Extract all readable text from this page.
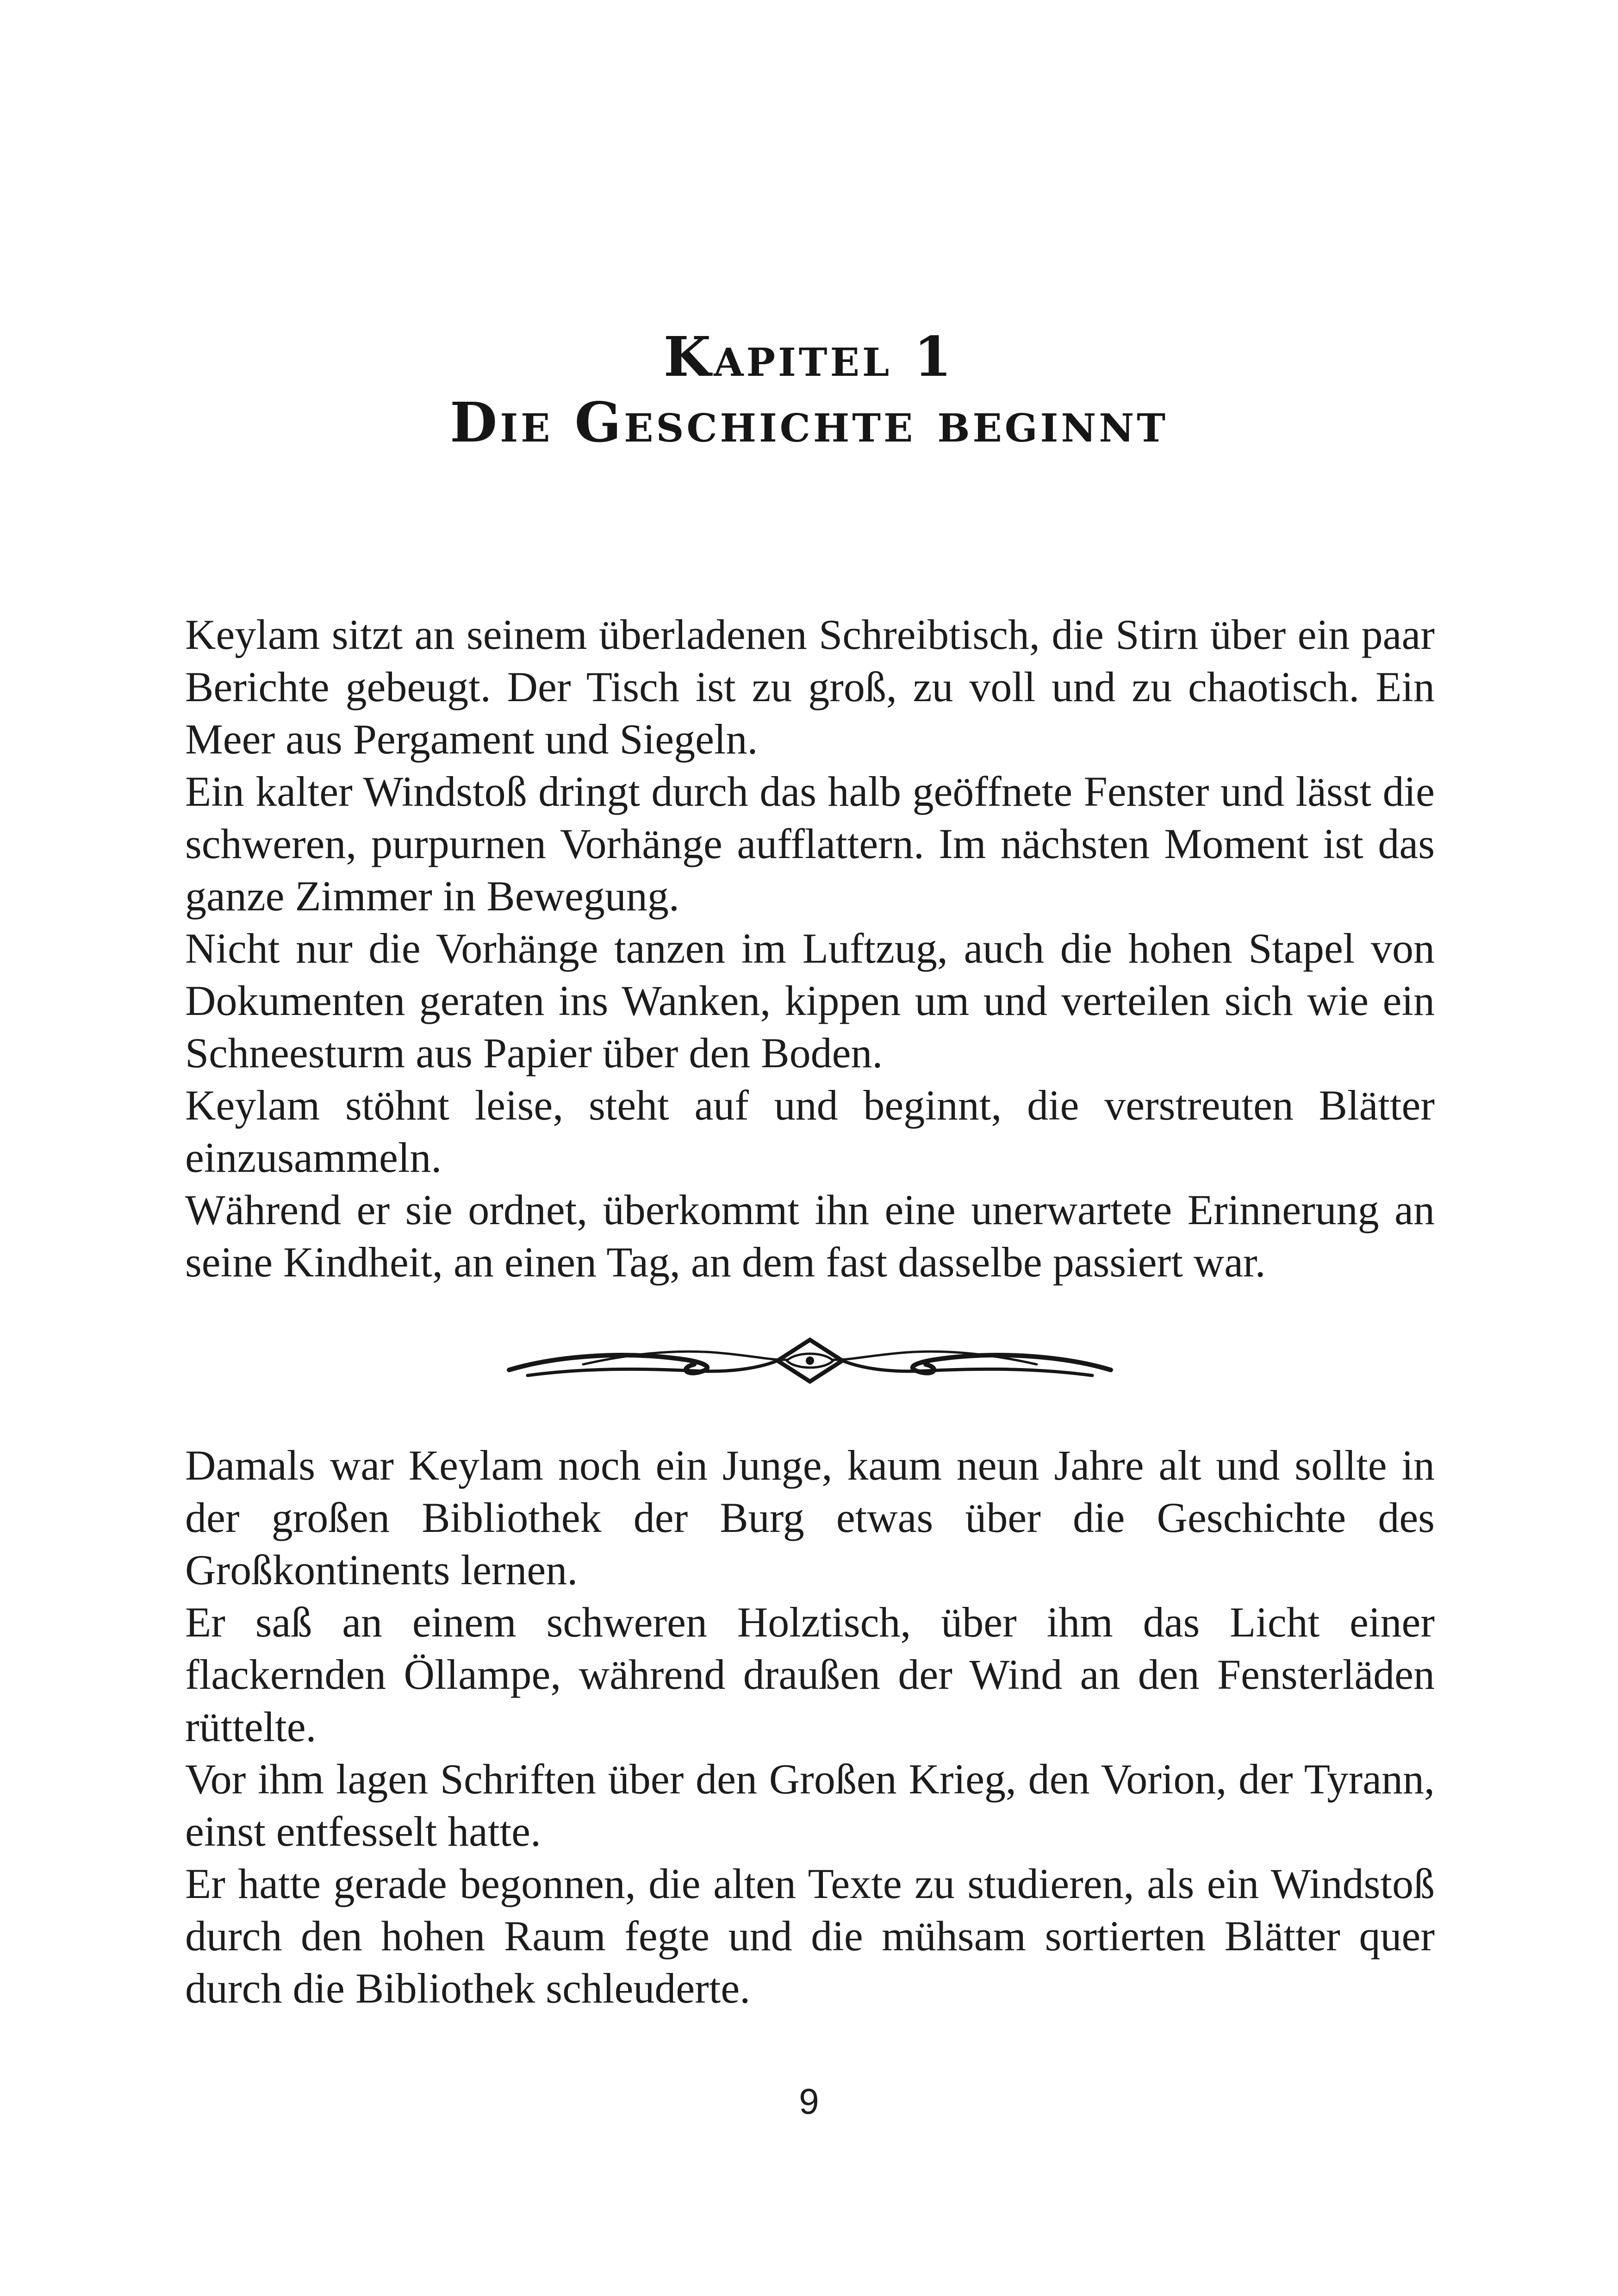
Kapitel 1
Die Geschichte beginnt

Keylam sitzt an seinem überladenen Schreibtisch, die Stirn über ein paar Berichte gebeugt. Der Tisch ist zu groß, zu voll und zu chaotisch. Ein Meer aus Pergament und Siegeln.

Ein kalter Windstoß dringt durch das halb geöffnete Fenster und lässt die schweren, purpurnen Vorhänge aufflattern. Im nächsten Moment ist das ganze Zimmer in Bewegung.

Nicht nur die Vorhänge tanzen im Luftzug, auch die hohen Stapel von Dokumenten geraten ins Wanken, kippen um und verteilen sich wie ein Schneesturm aus Papier über den Boden.

Keylam stöhnt leise, steht auf und beginnt, die verstreuten Blätter einzusammeln.

Während er sie ordnet, überkommt ihn eine unerwartete Erinnerung an seine Kindheit, an einen Tag, an dem fast dasselbe passiert war.

Damals war Keylam noch ein Junge, kaum neun Jahre alt und sollte in der großen Bibliothek der Burg etwas über die Geschichte des Großkontinents lernen.

Er saß an einem schweren Holztisch, über ihm das Licht einer flackernden Öllampe, während draußen der Wind an den Fensterläden rüttelte.

Vor ihm lagen Schriften über den Großen Krieg, den Vorion, der Tyrann, einst entfesselt hatte.

Er hatte gerade begonnen, die alten Texte zu studieren, als ein Windstoß durch den hohen Raum fegte und die mühsam sortierten Blätter quer durch die Bibliothek schleuderte.

9
